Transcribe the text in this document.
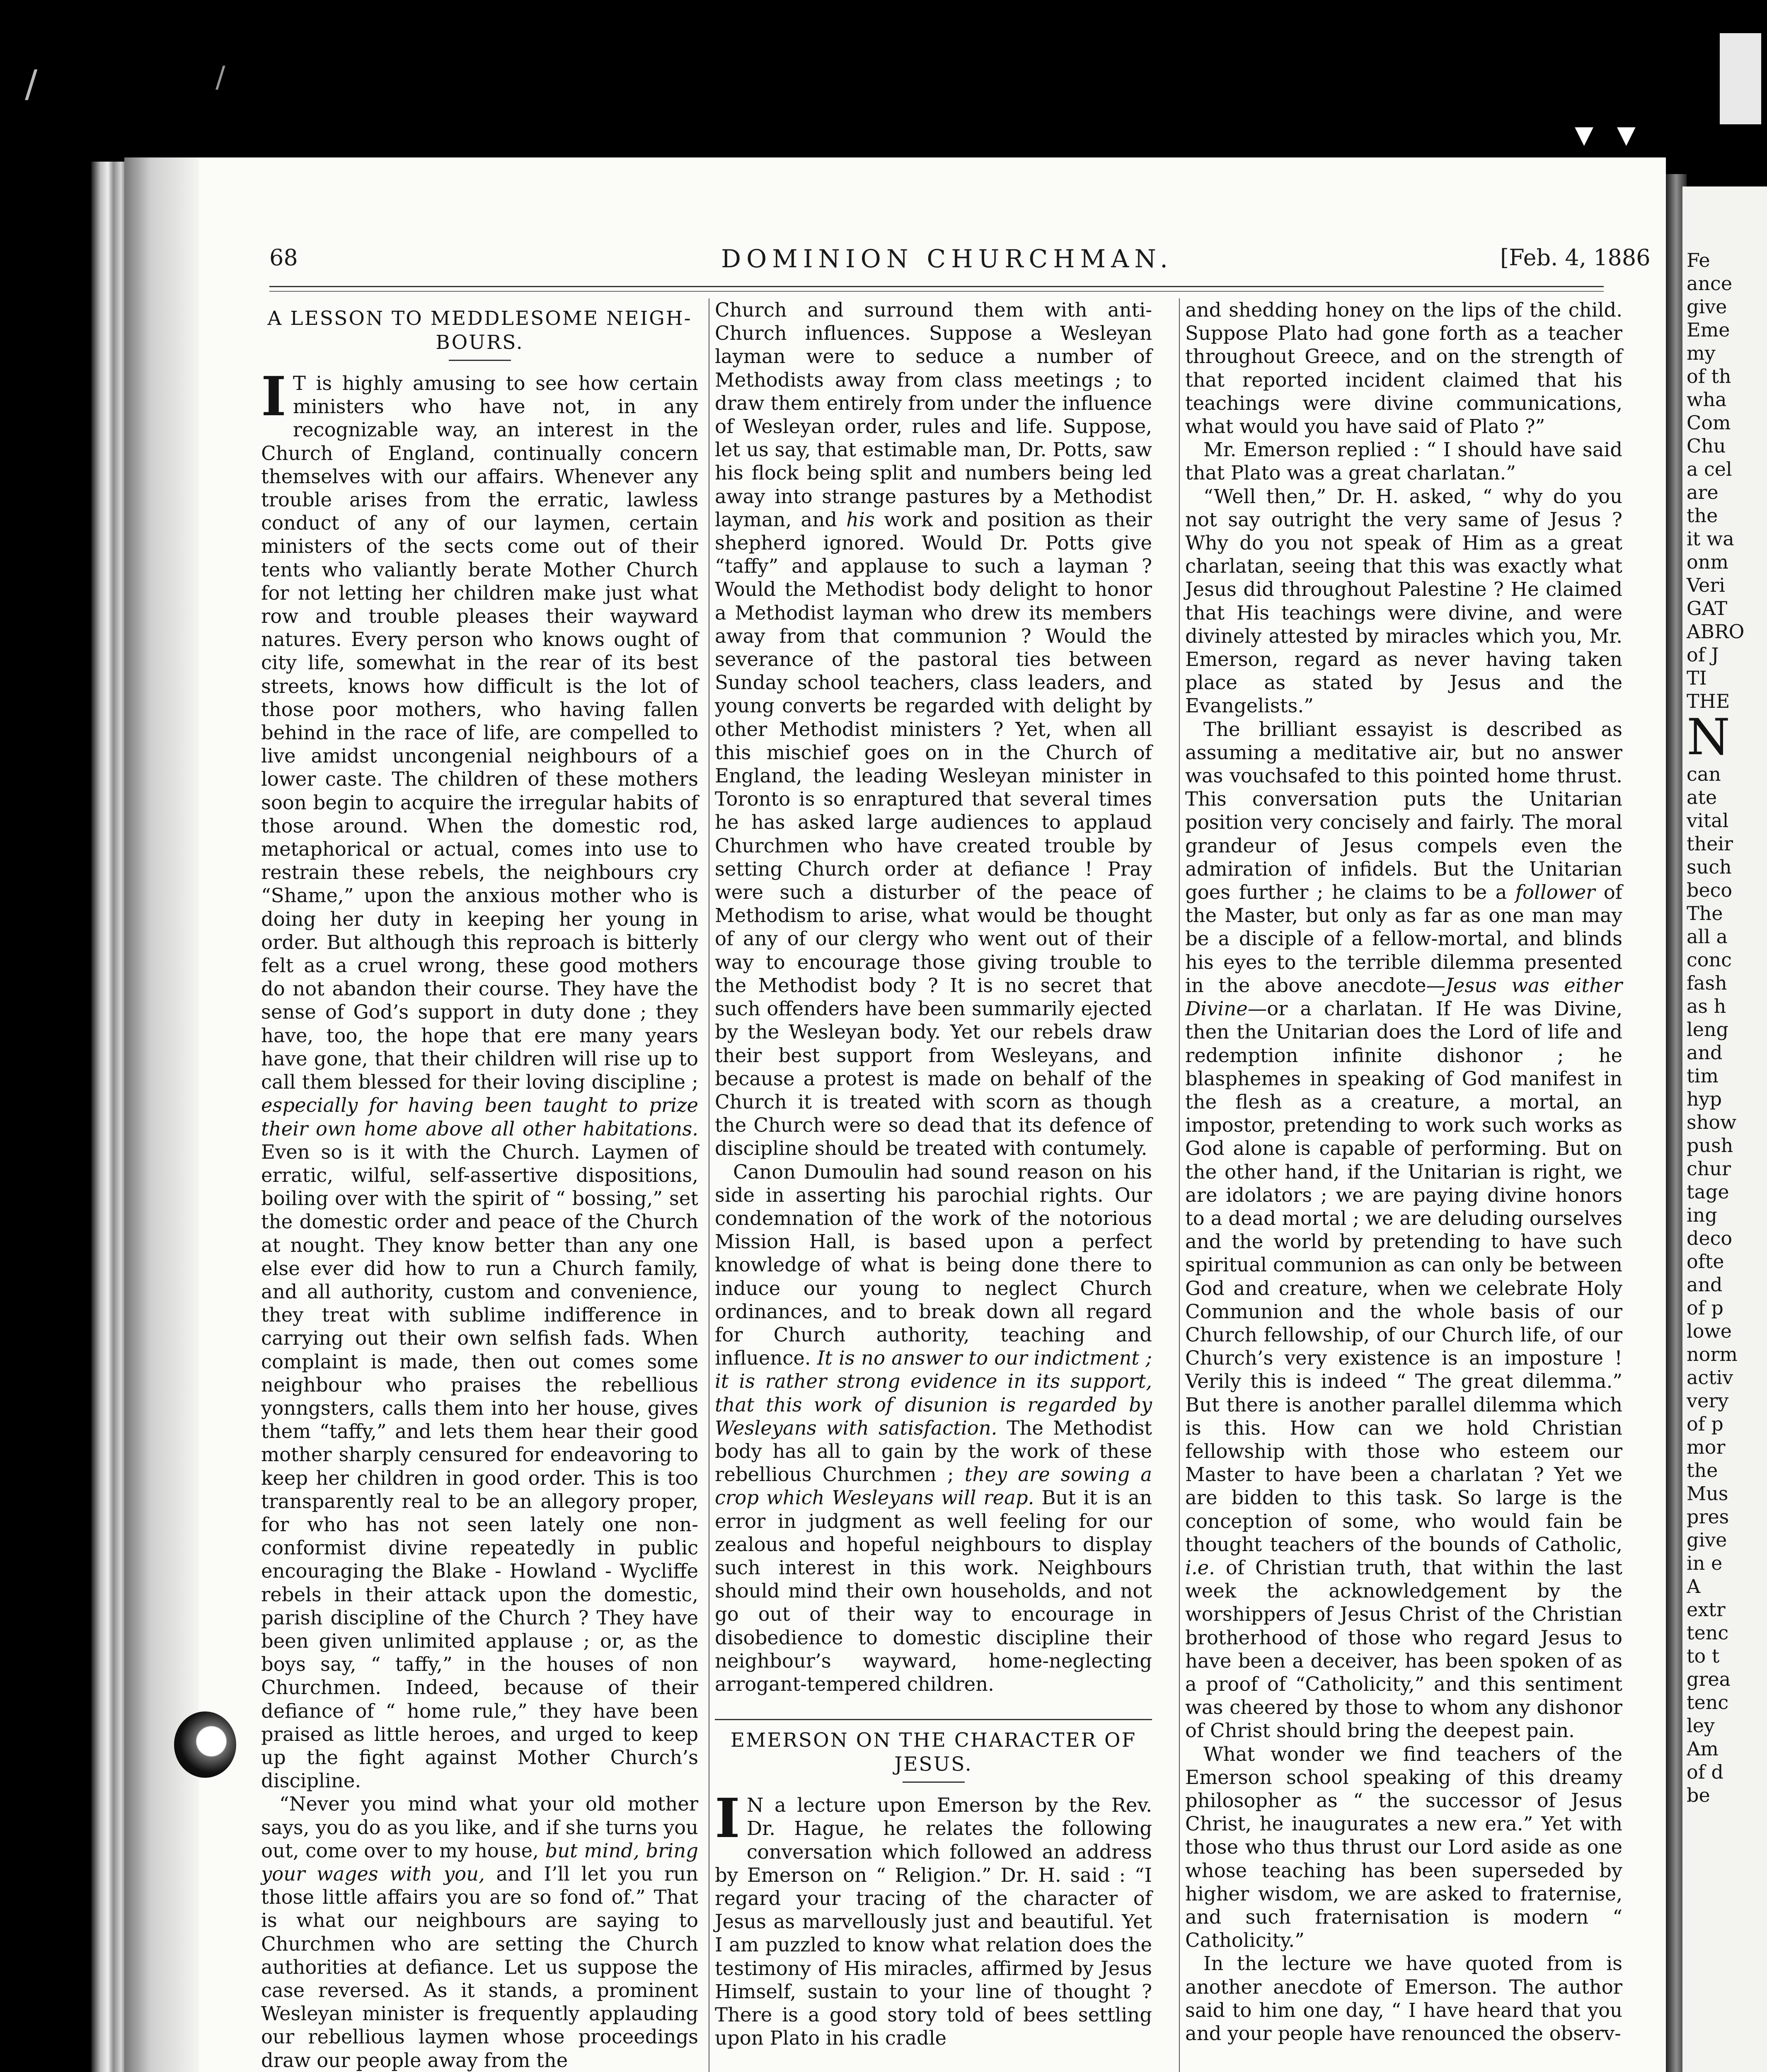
Fe
ance
give
Eme
my
of th
wha
Com
Chu
a cel
are
the
it wa
onm
Veri
GAT
ABRO
of J
TI
THE
N
can
ate
vital
their
such
beco
The
all a
conc
fash
as h
leng
and
tim
hyp
show
push
chur
tage
ing
deco
ofte
and
of p
lowe
norm
activ
very
of p
mor
the
Mus
pres
give
in e
A
extr
tenc
to t
grea
tenc
ley
Am
of d
be
/	/
▾ ▾
68	DOMINION CHURCHMAN.	[Feb. 4, 1886
A LESSON TO MEDDLESOME NEIGH-BOURS.

I T is highly amusing to see how certain ministers who have not, in any recognizable way, an interest in the Church of England, continually concern themselves with our affairs. Whenever any trouble arises from the erratic, lawless conduct of any of our laymen, certain ministers of the sects come out of their tents who valiantly berate Mother Church for not letting her children make just what row and trouble pleases their wayward natures. Every person who knows ought of city life, somewhat in the rear of its best streets, knows how difficult is the lot of those poor mothers, who having fallen behind in the race of life, are compelled to live amidst uncongenial neighbours of a lower caste. The children of these mothers soon begin to acquire the irregular habits of those around. When the domestic rod, metaphorical or actual, comes into use to restrain these rebels, the neighbours cry “Shame,” upon the anxious mother who is doing her duty in keeping her young in order. But although this reproach is bitterly felt as a cruel wrong, these good mothers do not abandon their course. They have the sense of God’s support in duty done ; they have, too, the hope that ere many years have gone, that their children will rise up to call them blessed for their loving discipline ; especially for having been taught to prize their own home above all other habitations. Even so is it with the Church. Laymen of erratic, wilful, self-assertive dispositions, boiling over with the spirit of “ bossing,” set the domestic order and peace of the Church at nought. They know better than any one else ever did how to run a Church family, and all authority, custom and convenience, they treat with sublime indifference in carrying out their own selfish fads. When complaint is made, then out comes some neighbour who praises the rebellious yonngsters, calls them into her house, gives them “taffy,” and lets them hear their good mother sharply censured for endeavoring to keep her children in good order. This is too transparently real to be an allegory proper, for who has not seen lately one non-conformist divine repeatedly in public encouraging the Blake - Howland - Wycliffe rebels in their attack upon the domestic, parish discipline of the Church ? They have been given unlimited applause ; or, as the boys say, “ taffy,” in the houses of non Churchmen. Indeed, because of their defiance of “ home rule,” they have been praised as little heroes, and urged to keep up the fight against Mother Church’s discipline.

“Never you mind what your old mother says, you do as you like, and if she turns you out, come over to my house, but mind, bring your wages with you, and I’ll let you run those little affairs you are so fond of.” That is what our neighbours are saying to Churchmen who are setting the Church authorities at defiance. Let us suppose the case reversed. As it stands, a prominent Wesleyan minister is frequently applauding our rebellious laymen whose proceedings draw our people away from the

Church and surround them with anti-Church influences. Suppose a Wesleyan layman were to seduce a number of Methodists away from class meetings ; to draw them entirely from under the influence of Wesleyan order, rules and life. Suppose, let us say, that estimable man, Dr. Potts, saw his flock being split and numbers being led away into strange pastures by a Methodist layman, and his work and position as their shepherd ignored. Would Dr. Potts give “taffy” and applause to such a layman ? Would the Methodist body delight to honor a Methodist layman who drew its members away from that communion ? Would the severance of the pastoral ties between Sunday school teachers, class leaders, and young converts be regarded with delight by other Methodist ministers ? Yet, when all this mischief goes on in the Church of England, the leading Wesleyan minister in Toronto is so enraptured that several times he has asked large audiences to applaud Churchmen who have created trouble by setting Church order at defiance ! Pray were such a disturber of the peace of Methodism to arise, what would be thought of any of our clergy who went out of their way to encourage those giving trouble to the Methodist body ? It is no secret that such offenders have been summarily ejected by the Wesleyan body. Yet our rebels draw their best support from Wesleyans, and because a protest is made on behalf of the Church it is treated with scorn as though the Church were so dead that its defence of discipline should be treated with contumely.

Canon Dumoulin had sound reason on his side in asserting his parochial rights. Our condemnation of the work of the notorious Mission Hall, is based upon a perfect knowledge of what is being done there to induce our young to neglect Church ordinances, and to break down all regard for Church authority, teaching and influence. It is no answer to our indictment ; it is rather strong evidence in its support, that this work of disunion is regarded by Wesleyans with satisfaction. The Methodist body has all to gain by the work of these rebellious Churchmen ; they are sowing a crop which Wesleyans will reap. But it is an error in judgment as well feeling for our zealous and hopeful neighbours to display such interest in this work. Neighbours should mind their own households, and not go out of their way to encourage in disobedience to domestic discipline their neighbour’s wayward, home-neglecting arrogant-tempered children.

EMERSON ON THE CHARACTER OF JESUS.

I N a lecture upon Emerson by the Rev. Dr. Hague, he relates the following conversation which followed an address by Emerson on “ Religion.” Dr. H. said : “I regard your tracing of the character of Jesus as marvellously just and beautiful. Yet I am puzzled to know what relation does the testimony of His miracles, affirmed by Jesus Himself, sustain to your line of thought ? There is a good story told of bees settling upon Plato in his cradle

and shedding honey on the lips of the child. Suppose Plato had gone forth as a teacher throughout Greece, and on the strength of that reported incident claimed that his teachings were divine communications, what would you have said of Plato ?”

Mr. Emerson replied : “ I should have said that Plato was a great charlatan.”

“Well then,” Dr. H. asked, “ why do you not say outright the very same of Jesus ? Why do you not speak of Him as a great charlatan, seeing that this was exactly what Jesus did throughout Palestine ? He claimed that His teachings were divine, and were divinely attested by miracles which you, Mr. Emerson, regard as never having taken place as stated by Jesus and the Evangelists.”

The brilliant essayist is described as assuming a meditative air, but no answer was vouchsafed to this pointed home thrust. This conversation puts the Unitarian position very concisely and fairly. The moral grandeur of Jesus compels even the admiration of infidels. But the Unitarian goes further ; he claims to be a follower of the Master, but only as far as one man may be a disciple of a fellow-mortal, and blinds his eyes to the terrible dilemma presented in the above anecdote—Jesus was either Divine—or a charlatan. If He was Divine, then the Unitarian does the Lord of life and redemption infinite dishonor ; he blasphemes in speaking of God manifest in the flesh as a creature, a mortal, an impostor, pretending to work such works as God alone is capable of performing. But on the other hand, if the Unitarian is right, we are idolators ; we are paying divine honors to a dead mortal ; we are deluding ourselves and the world by pretending to have such spiritual communion as can only be between God and creature, when we celebrate Holy Communion and the whole basis of our Church fellowship, of our Church life, of our Church’s very existence is an imposture ! Verily this is indeed “ The great dilemma.” But there is another parallel dilemma which is this. How can we hold Christian fellowship with those who esteem our Master to have been a charlatan ? Yet we are bidden to this task. So large is the conception of some, who would fain be thought teachers of the bounds of Catholic, i.e. of Christian truth, that within the last week the acknowledgement by the worshippers of Jesus Christ of the Christian brotherhood of those who regard Jesus to have been a deceiver, has been spoken of as a proof of “Catholicity,” and this sentiment was cheered by those to whom any dishonor of Christ should bring the deepest pain.

What wonder we find teachers of the Emerson school speaking of this dreamy philosopher as “ the successor of Jesus Christ, he inaugurates a new era.” Yet with those who thus thrust our Lord aside as one whose teaching has been superseded by higher wisdom, we are asked to fraternise, and such fraternisation is modern “ Catholicity.”

In the lecture we have quoted from is another anecdote of Emerson. The author said to him one day, “ I have heard that you and your people have renounced the observ-
